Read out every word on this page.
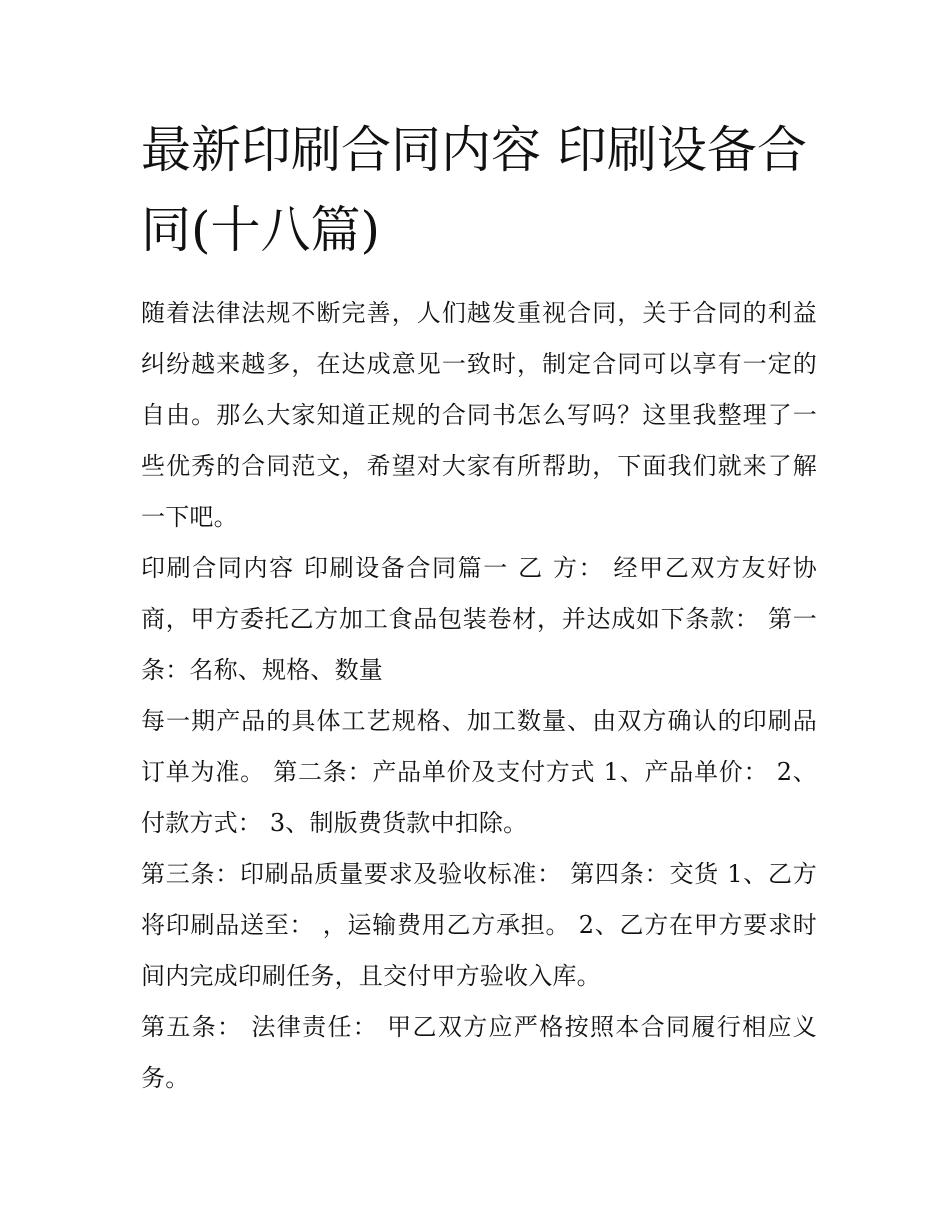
最新印刷合同内容 印刷设备合同(十八篇)

随着法律法规不断完善，人们越发重视合同，关于合同的利益纠纷越来越多，在达成意见一致时，制定合同可以享有一定的自由。那么大家知道正规的合同书怎么写吗？这里我整理了一些优秀的合同范文，希望对大家有所帮助，下面我们就来了解一下吧。

印刷合同内容 印刷设备合同篇一 乙 方： 经甲乙双方友好协商，甲方委托乙方加工食品包装卷材，并达成如下条款： 第一条：名称、规格、数量

每一期产品的具体工艺规格、加工数量、由双方确认的印刷品订单为准。 第二条：产品单价及支付方式 1、产品单价： 2、付款方式： 3、制版费货款中扣除。

第三条：印刷品质量要求及验收标准： 第四条：交货 1、乙方将印刷品送至： ，运输费用乙方承担。 2、乙方在甲方要求时间内完成印刷任务，且交付甲方验收入库。

第五条： 法律责任： 甲乙双方应严格按照本合同履行相应义务。
